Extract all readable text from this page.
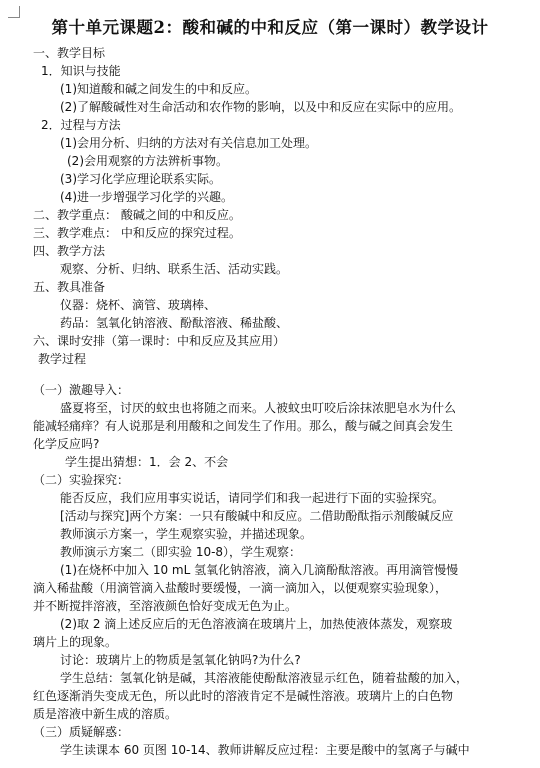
第十单元课题2：酸和碱的中和反应（第一课时）教学设计
一、教学目标
1．知识与技能
(1)知道酸和碱之间发生的中和反应。
(2)了解酸碱性对生命活动和农作物的影响，以及中和反应在实际中的应用。
2．过程与方法
(1)会用分析、归纳的方法对有关信息加工处理。
(2)会用观察的方法辨析事物。
(3)学习化学应理论联系实际。
(4)进一步增强学习化学的兴趣。
二、教学重点： 酸碱之间的中和反应。
三、教学难点： 中和反应的探究过程。
四、教学方法
观察、分析、归纳、联系生活、活动实践。
五、教具准备
仪器：烧杯、滴管、玻璃棒、
药品：氢氧化钠溶液、酚酞溶液、稀盐酸、
六、课时安排（第一课时：中和反应及其应用）
教学过程
（一）激趣导入：
盛夏将至，讨厌的蚊虫也将随之而来。人被蚊虫叮咬后涂抹浓肥皂水为什么
能减轻痛痒？有人说那是利用酸和之间发生了作用。那么，酸与碱之间真会发生
化学反应吗?
学生提出猜想：1．会 2、不会
（二）实验探究：
能否反应，我们应用事实说话，请同学们和我一起进行下面的实验探究。
[活动与探究]两个方案：一只有酸碱中和反应。二借助酚酞指示剂酸碱反应
教师演示方案一，学生观察实验，并描述现象。
教师演示方案二（即实验 10-8），学生观察：
(1)在烧杯中加入 10 mL 氢氧化钠溶液，滴入几滴酚酞溶液。再用滴管慢慢
滴入稀盐酸（用滴管滴入盐酸时要缓慢，一滴一滴加入，以便观察实验现象），
并不断搅拌溶液，至溶液颜色恰好变成无色为止。
(2)取 2 滴上述反应后的无色溶液滴在玻璃片上，加热使液体蒸发，观察玻
璃片上的现象。
讨论：玻璃片上的物质是氢氧化钠吗?为什么?
学生总结：氢氧化钠是碱，其溶液能使酚酞溶液显示红色，随着盐酸的加入，
红色逐渐消失变成无色，所以此时的溶液肯定不是碱性溶液。玻璃片上的白色物
质是溶液中新生成的溶质。
（三）质疑解惑：
学生读课本 60 页图 10-14、教师讲解反应过程：主要是酸中的氢离子与碱中
